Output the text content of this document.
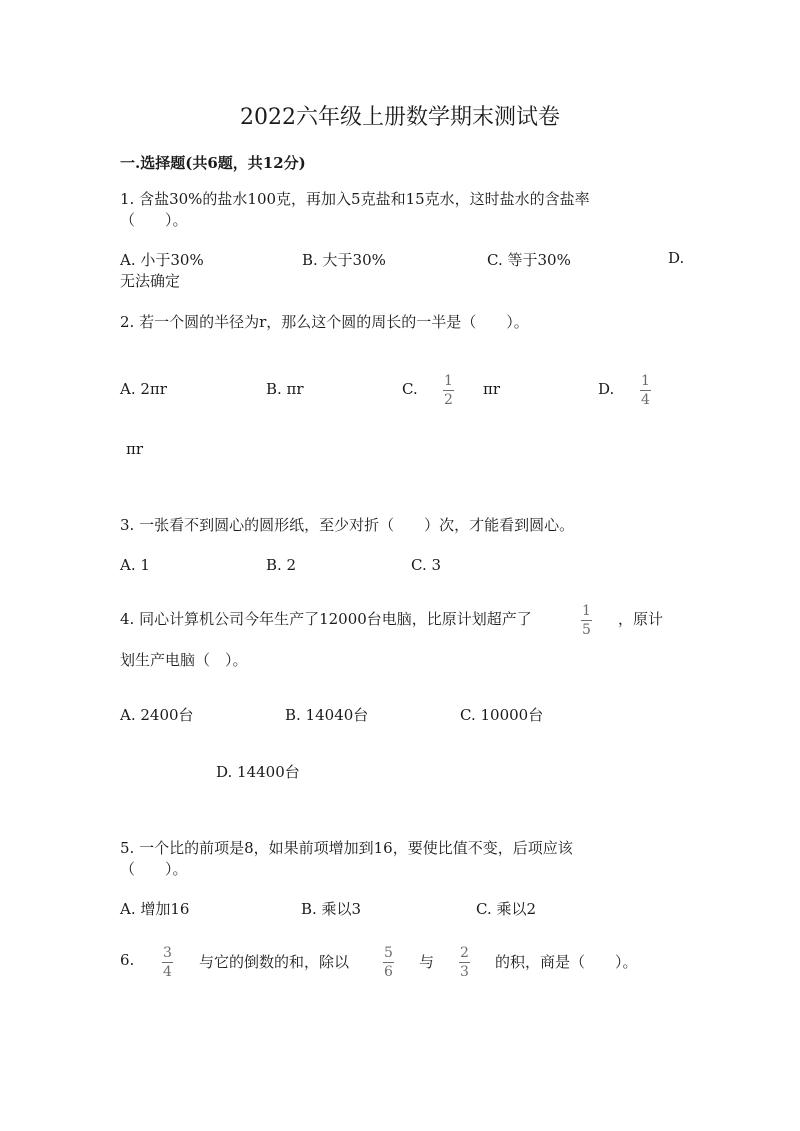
2022六年级上册数学期末测试卷
一.选择题(共6题，共12分)
1. 含盐30%的盐水100克，再加入5克盐和15克水，这时盐水的含盐率
（　　）。
A. 小于30%	B. 大于30%	C. 等于30%	D.
无法确定
2. 若一个圆的半径为r，那么这个圆的周长的一半是（　　）。
A. 2πr	B. πr	C. 1
2
πr	D. 1
4
πr
3. 一张看不到圆心的圆形纸，至少对折（　　）次，才能看到圆心。
A. 1	B. 2	C. 3
4. 同心计算机公司今年生产了12000台电脑，比原计划超产了	1
5
，原计
划生产电脑（　）。
A. 2400台	B. 14040台	C. 10000台
D. 14400台
5. 一个比的前项是8，如果前项增加到16，要使比值不变，后项应该
（　　）。
A. 增加16	B. 乘以3	C. 乘以2
6. 3
4
与它的倒数的和，除以	5
6
与 2
3
的积，商是（　　）。
